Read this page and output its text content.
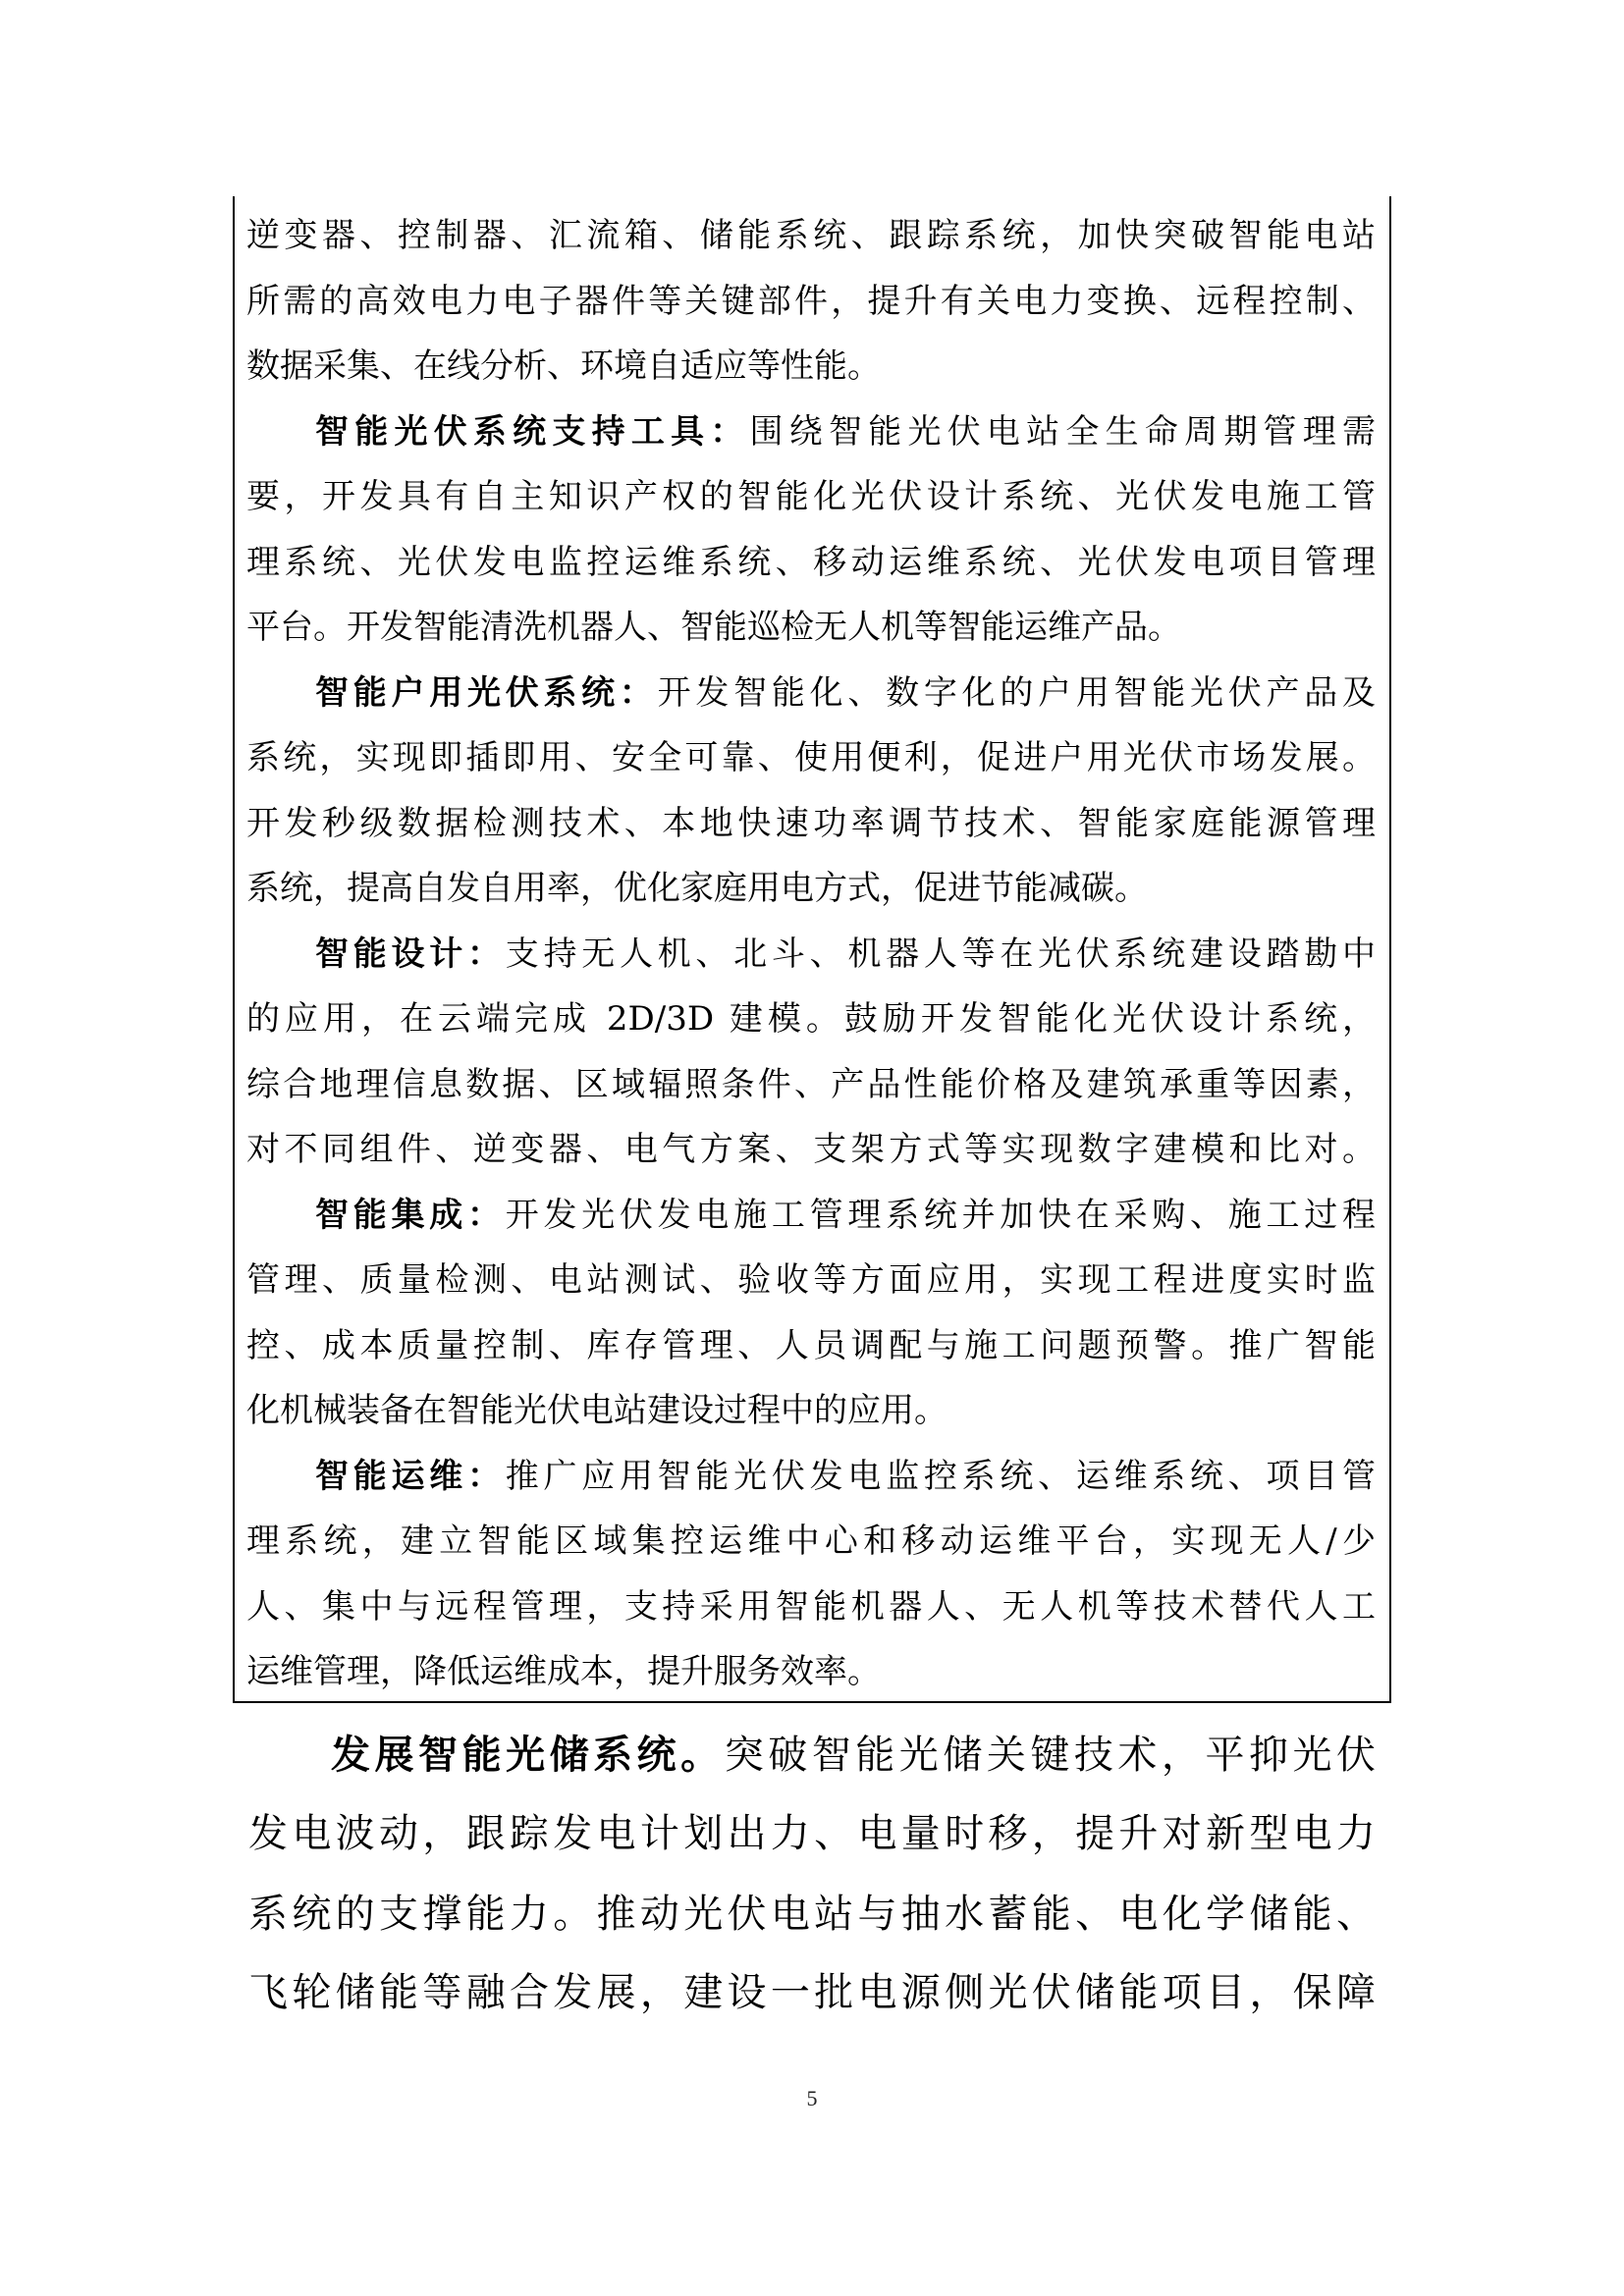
逆变器、控制器、汇流箱、储能系统、跟踪系统，加快突破智能电站
所需的高效电力电子器件等关键部件，提升有关电力变换、远程控制、
数据采集、在线分析、环境自适应等性能。
智能光伏系统支持工具：围绕智能光伏电站全生命周期管理需
要，开发具有自主知识产权的智能化光伏设计系统、光伏发电施工管
理系统、光伏发电监控运维系统、移动运维系统、光伏发电项目管理
平台。开发智能清洗机器人、智能巡检无人机等智能运维产品。
智能户用光伏系统：开发智能化、数字化的户用智能光伏产品及
系统，实现即插即用、安全可靠、使用便利，促进户用光伏市场发展。
开发秒级数据检测技术、本地快速功率调节技术、智能家庭能源管理
系统，提高自发自用率，优化家庭用电方式，促进节能减碳。
智能设计：支持无人机、北斗、机器人等在光伏系统建设踏勘中
的应用，在云端完成 2D/3D 建模。鼓励开发智能化光伏设计系统，
综合地理信息数据、区域辐照条件、产品性能价格及建筑承重等因素，
对不同组件、逆变器、电气方案、支架方式等实现数字建模和比对。
智能集成：开发光伏发电施工管理系统并加快在采购、施工过程
管理、质量检测、电站测试、验收等方面应用，实现工程进度实时监
控、成本质量控制、库存管理、人员调配与施工问题预警。推广智能
化机械装备在智能光伏电站建设过程中的应用。
智能运维：推广应用智能光伏发电监控系统、运维系统、项目管
理系统，建立智能区域集控运维中心和移动运维平台，实现无人/少
人、集中与远程管理，支持采用智能机器人、无人机等技术替代人工
运维管理，降低运维成本，提升服务效率。
发展智能光储系统。突破智能光储关键技术，平抑光伏
发电波动，跟踪发电计划出力、电量时移，提升对新型电力
系统的支撑能力。推动光伏电站与抽水蓄能、电化学储能、
飞轮储能等融合发展，建设一批电源侧光伏储能项目，保障
5
